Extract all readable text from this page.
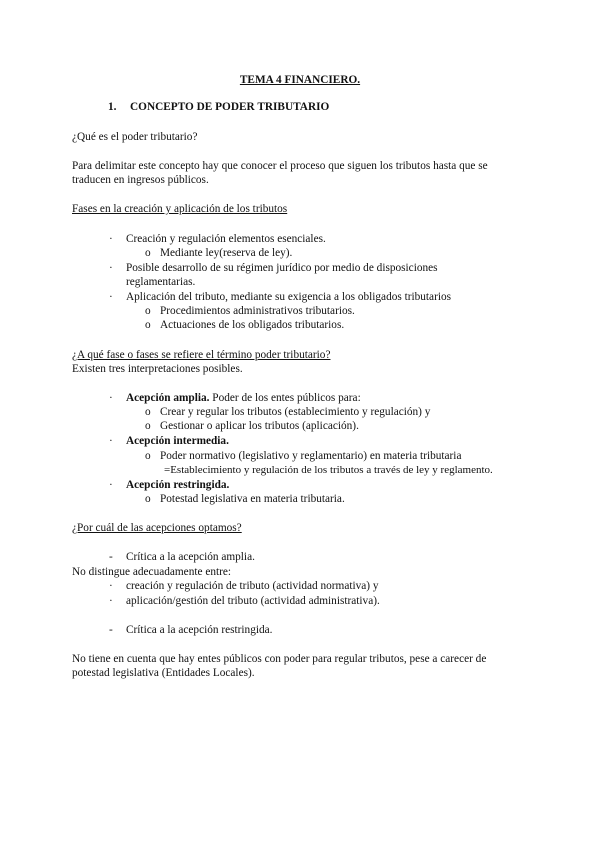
TEMA 4 FINANCIERO.
1. CONCEPTO DE PODER TRIBUTARIO
¿Qué es el poder tributario?
Para delimitar este concepto hay que conocer el proceso que siguen los tributos hasta que se
traducen en ingresos públicos.
Fases en la creación y aplicación de los tributos
· Creación y regulación elementos esenciales.
o Mediante ley(reserva de ley).
· Posible desarrollo de su régimen jurídico por medio de disposiciones
reglamentarias.
· Aplicación del tributo, mediante su exigencia a los obligados tributarios
o Procedimientos administrativos tributarios.
o Actuaciones de los obligados tributarios.
¿A qué fase o fases se refiere el término poder tributario?
Existen tres interpretaciones posibles.
· Acepción amplia. Poder de los entes públicos para:
o Crear y regular los tributos (establecimiento y regulación) y
o Gestionar o aplicar los tributos (aplicación).
· Acepción intermedia.
o Poder normativo (legislativo y reglamentario) en materia tributaria
=Establecimiento y regulación de los tributos a través de ley y reglamento.
· Acepción restringida.
o Potestad legislativa en materia tributaria.
¿Por cuál de las acepciones optamos?
- Crítica a la acepción amplia.
No distingue adecuadamente entre:
· creación y regulación de tributo (actividad normativa) y
· aplicación/gestión del tributo (actividad administrativa).
- Crítica a la acepción restringida.
No tiene en cuenta que hay entes públicos con poder para regular tributos, pese a carecer de
potestad legislativa (Entidades Locales).
